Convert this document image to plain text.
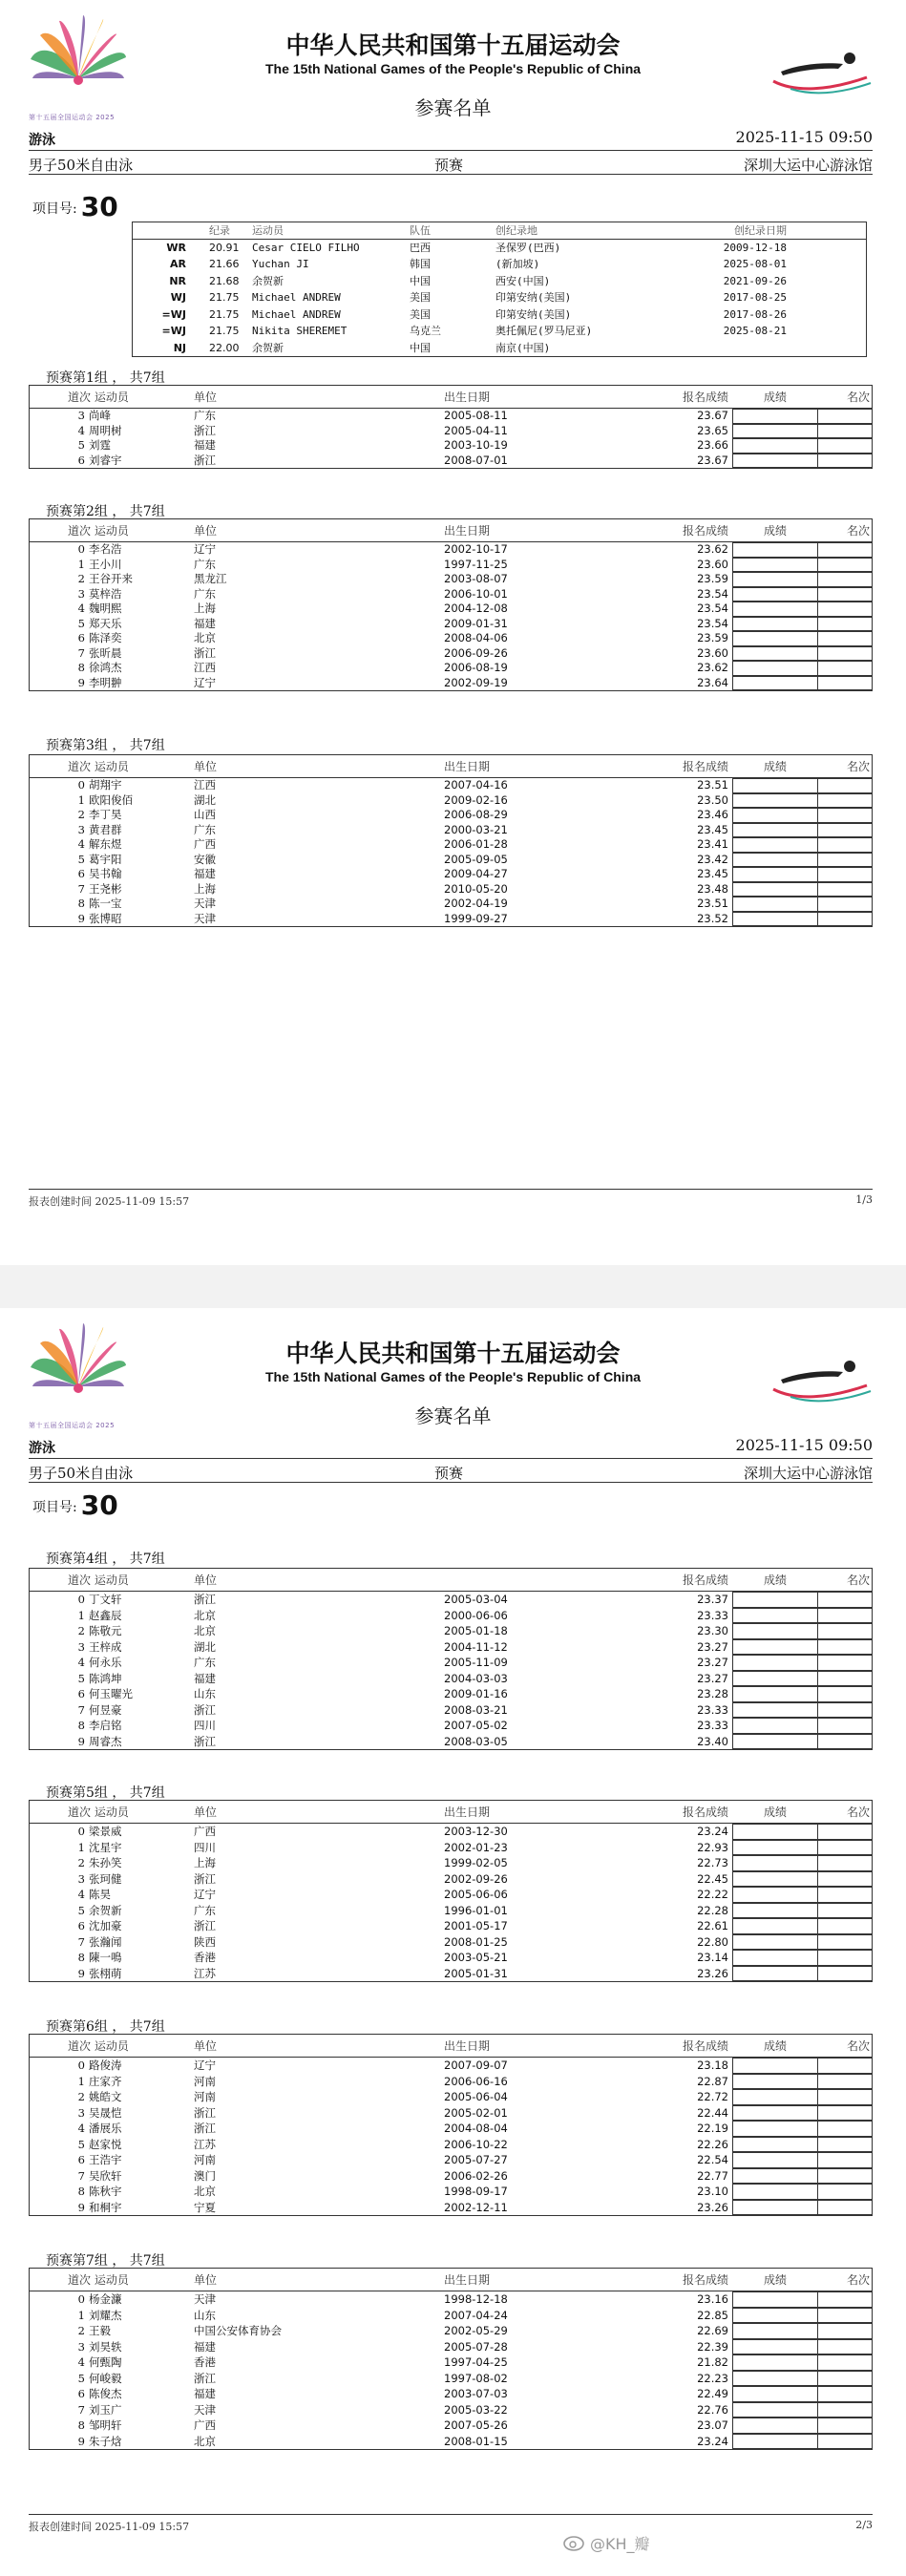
第十五届全国运动会 2025
中华人民共和国第十五届运动会
The 15th National Games of the People's Republic of China
参赛名单
游泳	2025-11-15 09:50
男子50米自由泳	预赛	深圳大运中心游泳馆
项目号: 30
纪录	运动员	队伍	创纪录地	创纪录日期
WR	20.91	Cesar CIELO FILHO	巴西	圣保罗(巴西)	2009-12-18
AR	21.66	Yuchan JI	韩国	(新加坡)	2025-08-01
NR	21.68	余贺新	中国	西安(中国)	2021-09-26
WJ	21.75	Michael ANDREW	美国	印第安纳(美国)	2017-08-25
=WJ	21.75	Michael ANDREW	美国	印第安纳(美国)	2017-08-26
=WJ	21.75	Nikita SHEREMET	乌克兰	奥托佩尼(罗马尼亚)	2025-08-21
NJ	22.00	余贺新	中国	南京(中国)
预赛第1组 ， 共7组
道次 运动员	单位	出生日期	报名成绩	成绩	名次
3 尚峰	广东	2005-08-11	23.67
4 周明树	浙江	2005-04-11	23.65
5 刘霆	福建	2003-10-19	23.66
6 刘睿宇	浙江	2008-07-01	23.67
预赛第2组 ， 共7组
道次 运动员	单位	出生日期	报名成绩	成绩	名次
0 李名浩	辽宁	2002-10-17	23.62
1 王小川	广东	1997-11-25	23.60
2 王谷开来	黑龙江	2003-08-07	23.59
3 莫梓浩	广东	2006-10-01	23.54
4 魏明熙	上海	2004-12-08	23.54
5 郑天乐	福建	2009-01-31	23.54
6 陈泽奕	北京	2008-04-06	23.59
7 张昕晨	浙江	2006-09-26	23.60
8 徐鸿杰	江西	2006-08-19	23.62
9 李明翀	辽宁	2002-09-19	23.64
预赛第3组 ， 共7组
道次 运动员	单位	出生日期	报名成绩	成绩	名次
0 胡翔宇	江西	2007-04-16	23.51
1 欧阳俊佰	湖北	2009-02-16	23.50
2 李丁昊	山西	2006-08-29	23.46
3 黄君群	广东	2000-03-21	23.45
4 解东煜	广西	2006-01-28	23.41
5 葛宇阳	安徽	2005-09-05	23.42
6 吴书翰	福建	2009-04-27	23.45
7 王尧彬	上海	2010-05-20	23.48
8 陈一宝	天津	2002-04-19	23.51
9 张博昭	天津	1999-09-27	23.52
报表创建时间 2025-11-09 15:57	1/3
第十五届全国运动会 2025
中华人民共和国第十五届运动会
The 15th National Games of the People's Republic of China
参赛名单
游泳	2025-11-15 09:50
男子50米自由泳	预赛	深圳大运中心游泳馆
项目号: 30
预赛第4组 ， 共7组
道次 运动员	单位	报名成绩	成绩	名次
0 丁文轩	浙江	2005-03-04	23.37
1 赵鑫辰	北京	2000-06-06	23.33
2 陈敬元	北京	2005-01-18	23.30
3 王梓成	湖北	2004-11-12	23.27
4 何永乐	广东	2005-11-09	23.27
5 陈鸿坤	福建	2004-03-03	23.27
6 何玉曜光	山东	2009-01-16	23.28
7 何昱豪	浙江	2008-03-21	23.33
8 李启铭	四川	2007-05-02	23.33
9 周睿杰	浙江	2008-03-05	23.40
预赛第5组 ， 共7组
道次 运动员	单位	出生日期	报名成绩	成绩	名次
0 梁景威	广西	2003-12-30	23.24
1 沈星宇	四川	2002-01-23	22.93
2 朱孙笑	上海	1999-02-05	22.73
3 张珂健	浙江	2002-09-26	22.45
4 陈昊	辽宁	2005-06-06	22.22
5 余贺新	广东	1996-01-01	22.28
6 沈加豪	浙江	2001-05-17	22.61
7 张瀚闻	陕西	2008-01-25	22.80
8 陳一鳴	香港	2003-05-21	23.14
9 张栩萌	江苏	2005-01-31	23.26
预赛第6组 ， 共7组
道次 运动员	单位	出生日期	报名成绩	成绩	名次
0 路俊涛	辽宁	2007-09-07	23.18
1 庄家齐	河南	2006-06-16	22.87
2 姚皓文	河南	2005-06-04	22.72
3 吴晟恺	浙江	2005-02-01	22.44
4 潘展乐	浙江	2004-08-04	22.19
5 赵家悦	江苏	2006-10-22	22.26
6 王浩宇	河南	2005-07-27	22.54
7 吴欣轩	澳门	2006-02-26	22.77
8 陈秋宇	北京	1998-09-17	23.10
9 和桐宇	宁夏	2002-12-11	23.26
预赛第7组 ， 共7组
道次 运动员	单位	出生日期	报名成绩	成绩	名次
0 杨金濂	天津	1998-12-18	23.16
1 刘耀杰	山东	2007-04-24	22.85
2 王毅	中国公安体育协会	2002-05-29	22.69
3 刘昊轶	福建	2005-07-28	22.39
4 何甄陶	香港	1997-04-25	21.82
5 何峻毅	浙江	1997-08-02	22.23
6 陈俊杰	福建	2003-07-03	22.49
7 刘玉广	天津	2005-03-22	22.76
8 邹明轩	广西	2007-05-26	23.07
9 朱子焓	北京	2008-01-15	23.24
报表创建时间 2025-11-09 15:57	2/3
@KH_瓣
